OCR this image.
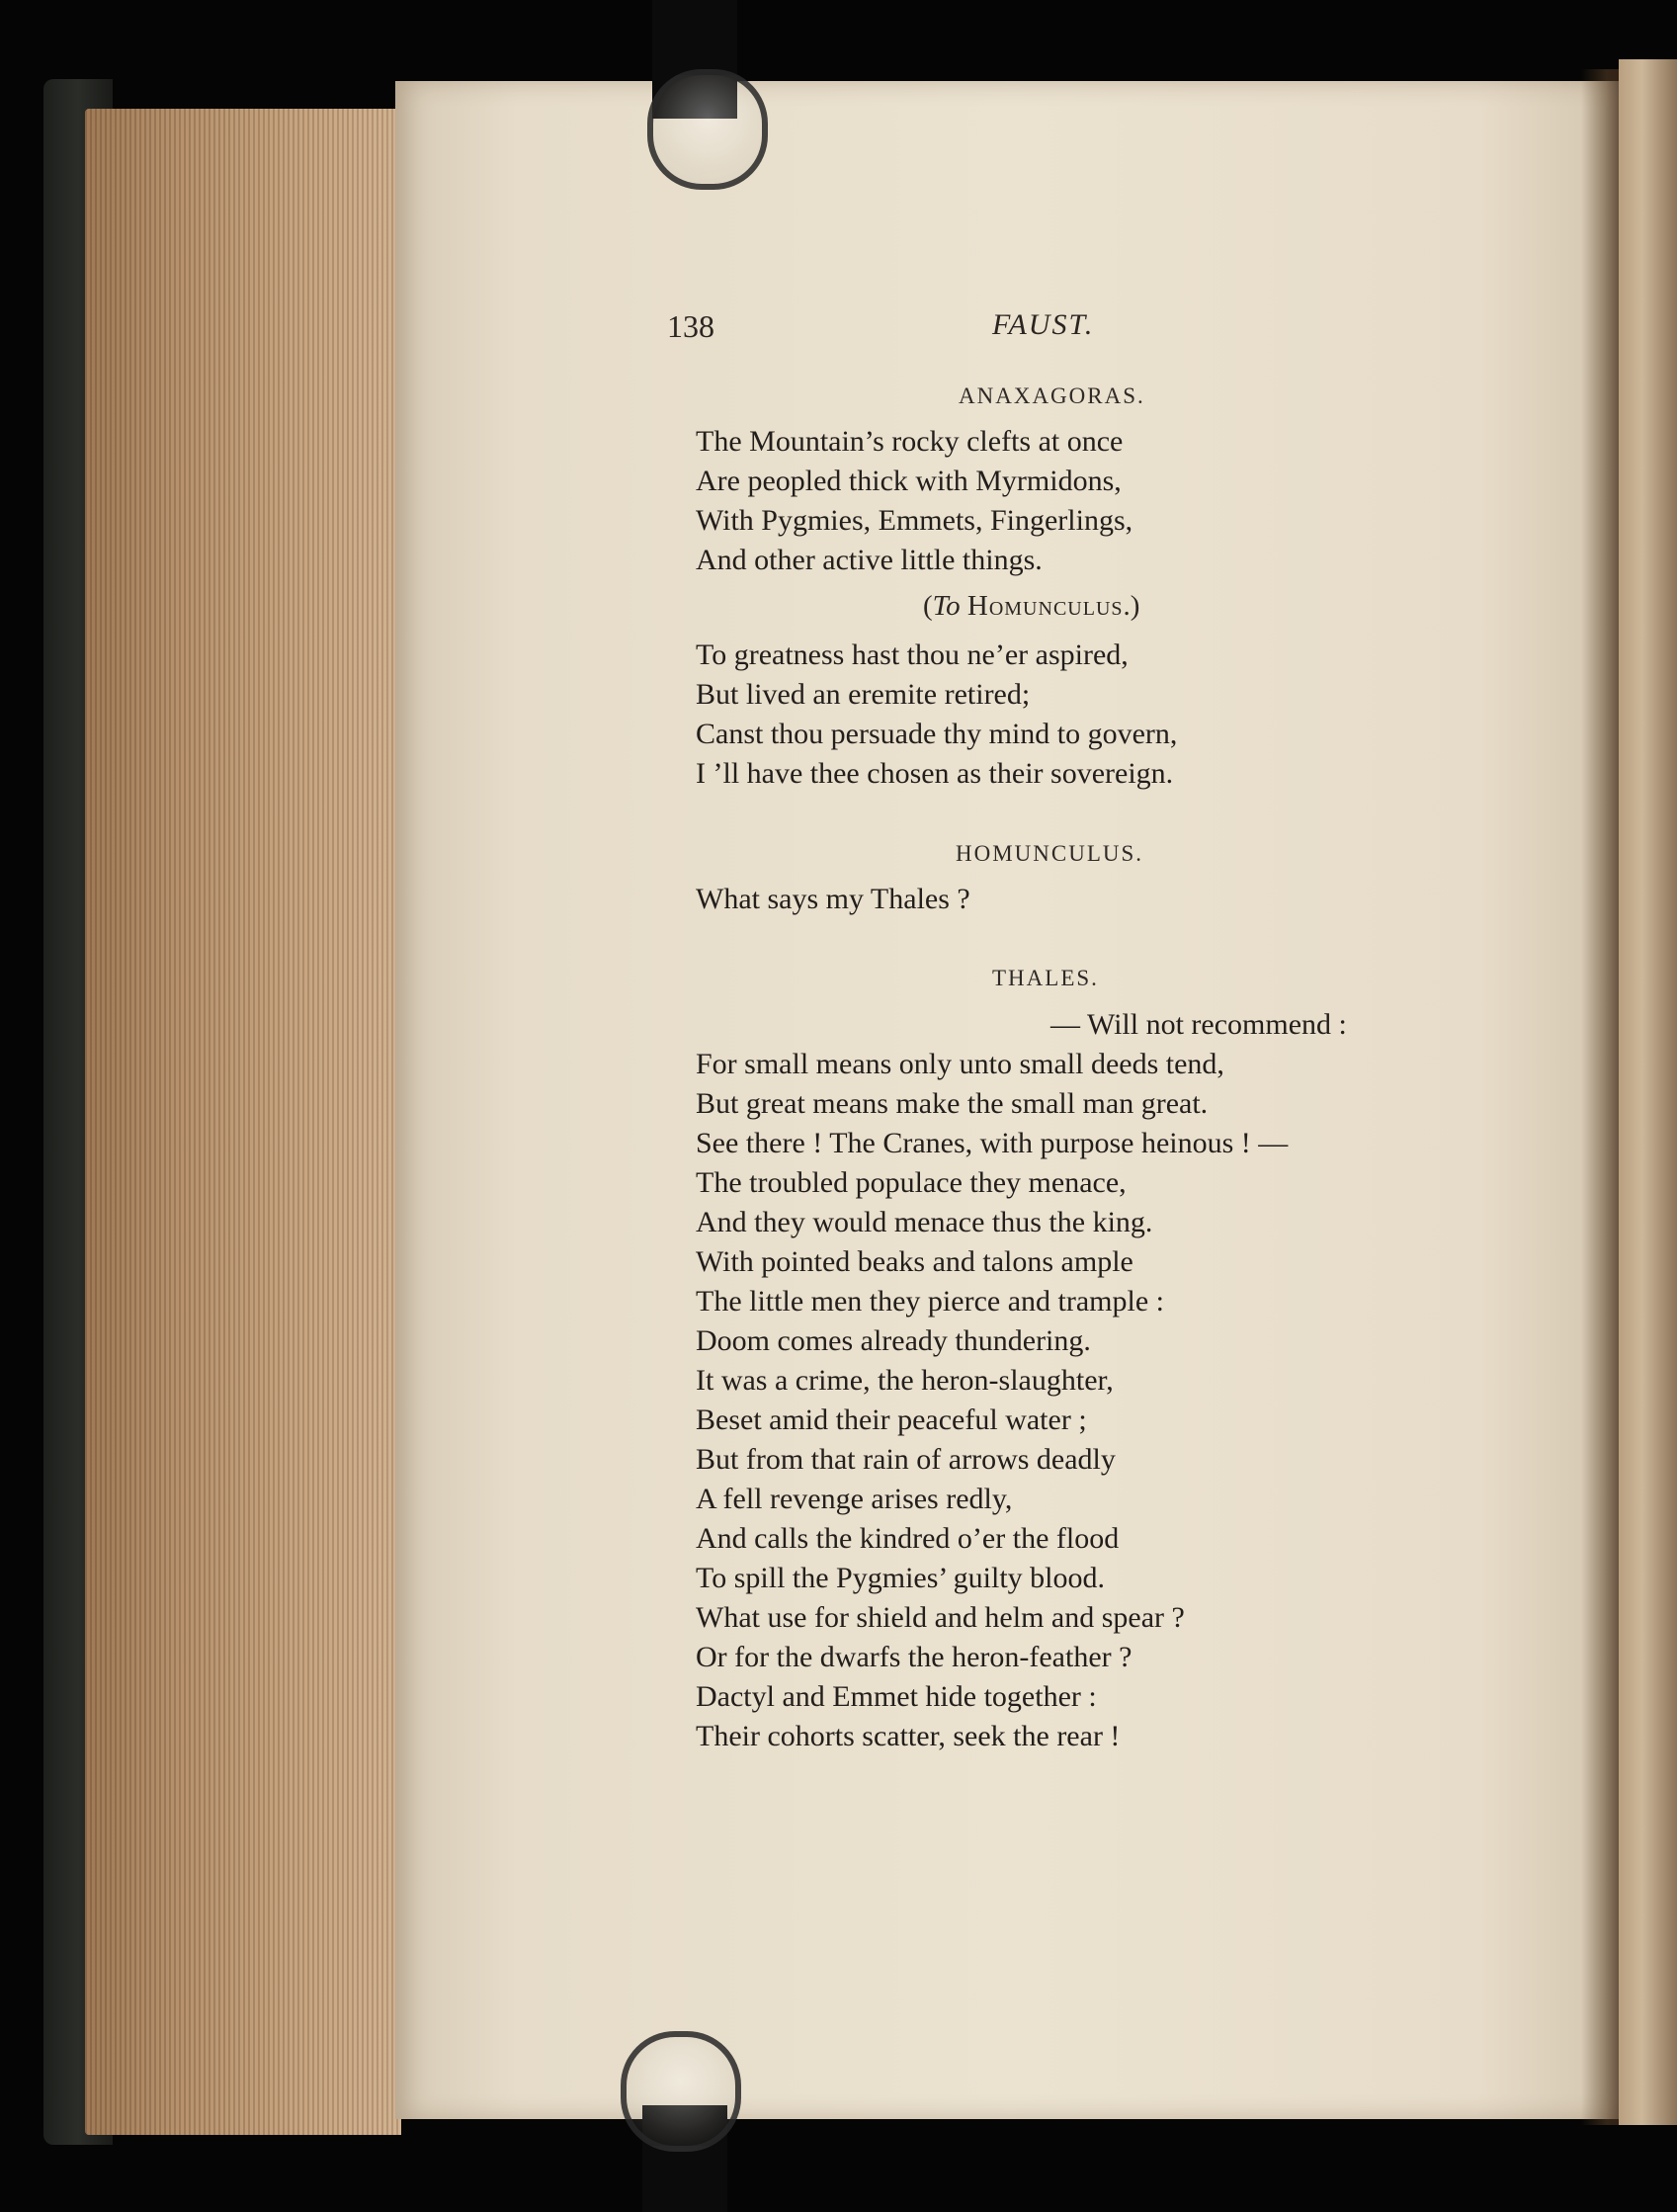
138	FAUST.
ANAXAGORAS.
The Mountain’s rocky clefts at once
Are peopled thick with Myrmidons,
With Pygmies, Emmets, Fingerlings,
And other active little things.
(To Homunculus.)
To greatness hast thou ne’er aspired,
But lived an eremite retired;
Canst thou persuade thy mind to govern,
I ’ll have thee chosen as their sovereign.
HOMUNCULUS.
What says my Thales ?
THALES.
— Will not recommend :
For small means only unto small deeds tend,
But great means make the small man great.
See there ! The Cranes, with purpose heinous ! —
The troubled populace they menace,
And they would menace thus the king.
With pointed beaks and talons ample
The little men they pierce and trample :
Doom comes already thundering.
It was a crime, the heron-slaughter,
Beset amid their peaceful water ;
But from that rain of arrows deadly
A fell revenge arises redly,
And calls the kindred o’er the flood
To spill the Pygmies’ guilty blood.
What use for shield and helm and spear ?
Or for the dwarfs the heron-feather ?
Dactyl and Emmet hide together :
Their cohorts scatter, seek the rear !
